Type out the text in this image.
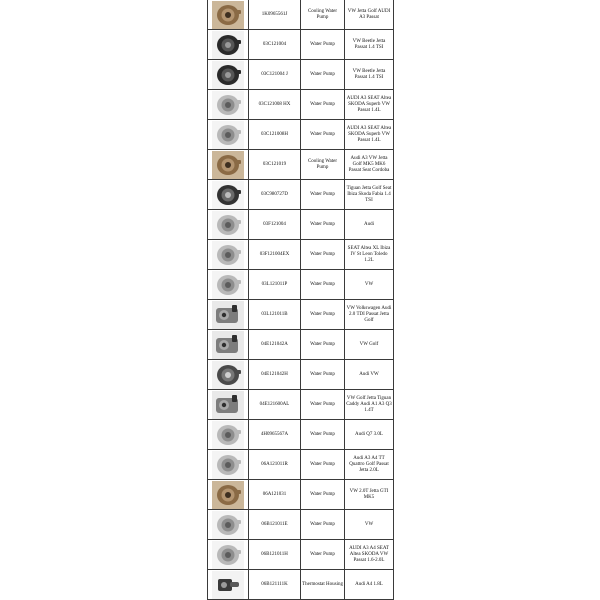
	1K0965561J	Cooling Water Pump	VW Jetta Golf AUDI A3 Passat

	03C121004	Water Pump	VW Beetle Jetta Passat 1.4 TSI

	03C121004 J	Water Pump	VW Beetle Jetta Passat 1.4 TSI

	03C121008 HX	Water Pump	AUDI A3 SEAT Altea SKODA Superb VW Passat 1.4L

	03C121008H	Water Pump	AUDI A3 SEAT Altea SKODA Superb VW Passat 1.4L

	03C121019	Cooling Water Pump	Audi A3 VW Jetta Golf MK5 MK6 Passat Seat Cordoba

	03C980727D	Water Pump	Tiguan Jetta Golf Seat Ibiza Skoda Fabia 1.4 TSI

	03F121004	Water Pump	Audi

	03F121004EX	Water Pump	SEAT Altea XL Ibiza IV St Leon Toledo 1.2L

	03L121011P	Water Pump	VW

	03L121011B	Water Pump	VW Volkswagen Audi 2.0 TDI Passat Jetta Golf

	04E121042A	Water Pump	VW Golf

	04E121042H	Water Pump	Audi VW

	04E121600AL	Water Pump	VW Golf Jetta Tiguan Caddy Audi A1 A3 Q3 1.4T

	4H0965567A	Water Pump	Audi Q7 3.0L

	06A121011R	Water Pump	Audi A3 A4 TT Quattro Golf Passat Jetta 2.0L

	06A121031	Water Pump	VW 2.0T Jetta GTI MK5

	06B121011E	Water Pump	VW

	06B121011H	Water Pump	AUDI A3 A4 SEAT Altea SKODA VW Passat 1.6-2.0L

	06B121111K	Thermostat Housing	Audi A4 1.8L
